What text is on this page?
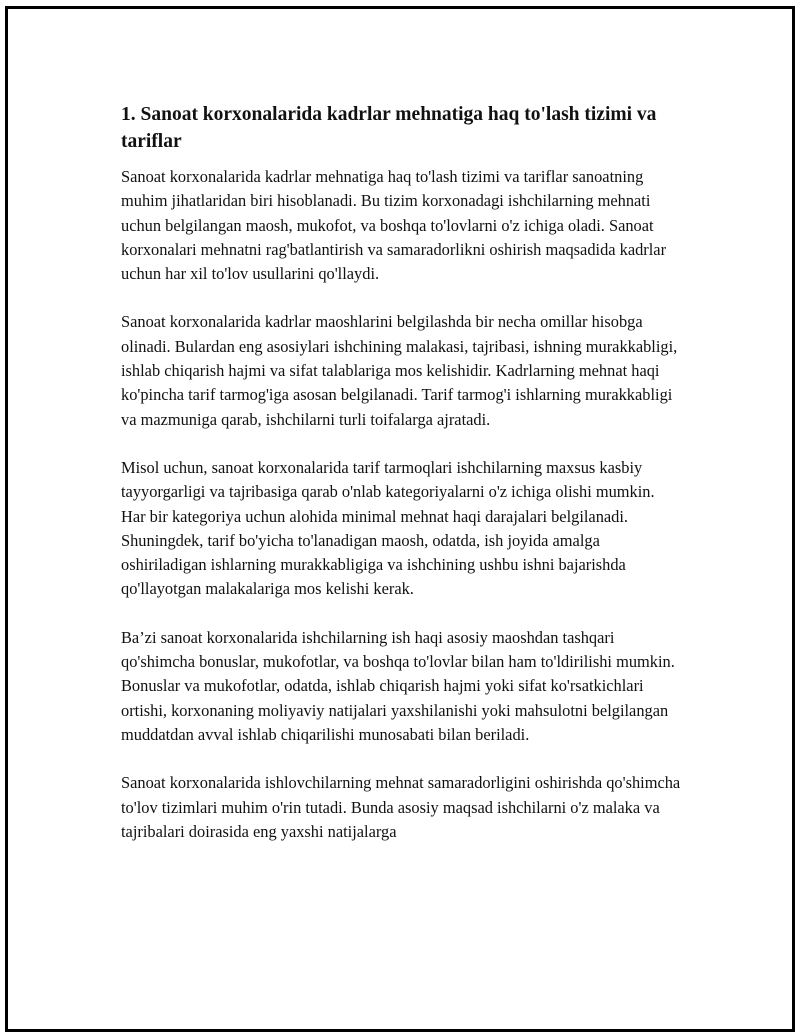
1. Sanoat korxonalarida kadrlar mehnatiga haq to'lash tizimi va tariflar

Sanoat korxonalarida kadrlar mehnatiga haq to'lash tizimi va tariflar sanoatning muhim jihatlaridan biri hisoblanadi. Bu tizim korxonadagi ishchilarning mehnati uchun belgilangan maosh, mukofot, va boshqa to'lovlarni o'z ichiga oladi. Sanoat korxonalari mehnatni rag'batlantirish va samaradorlikni oshirish maqsadida kadrlar uchun har xil to'lov usullarini qo'llaydi.

Sanoat korxonalarida kadrlar maoshlarini belgilashda bir necha omillar hisobga olinadi. Bulardan eng asosiylari ishchining malakasi, tajribasi, ishning murakkabligi, ishlab chiqarish hajmi va sifat talablariga mos kelishidir. Kadrlarning mehnat haqi ko'pincha tarif tarmog'iga asosan belgilanadi. Tarif tarmog'i ishlarning murakkabligi va mazmuniga qarab, ishchilarni turli toifalarga ajratadi.

Misol uchun, sanoat korxonalarida tarif tarmoqlari ishchilarning maxsus kasbiy tayyorgarligi va tajribasiga qarab o'nlab kategoriyalarni o'z ichiga olishi mumkin. Har bir kategoriya uchun alohida minimal mehnat haqi darajalari belgilanadi. Shuningdek, tarif bo'yicha to'lanadigan maosh, odatda, ish joyida amalga oshiriladigan ishlarning murakkabligiga va ishchining ushbu ishni bajarishda qo'llayotgan malakalariga mos kelishi kerak.

Ba’zi sanoat korxonalarida ishchilarning ish haqi asosiy maoshdan tashqari qo'shimcha bonuslar, mukofotlar, va boshqa to'lovlar bilan ham to'ldirilishi mumkin. Bonuslar va mukofotlar, odatda, ishlab chiqarish hajmi yoki sifat ko'rsatkichlari ortishi, korxonaning moliyaviy natijalari yaxshilanishi yoki mahsulotni belgilangan muddatdan avval ishlab chiqarilishi munosabati bilan beriladi.

Sanoat korxonalarida ishlovchilarning mehnat samaradorligini oshirishda qo'shimcha to'lov tizimlari muhim o'rin tutadi. Bunda asosiy maqsad ishchilarni o'z malaka va tajribalari doirasida eng yaxshi natijalarga
